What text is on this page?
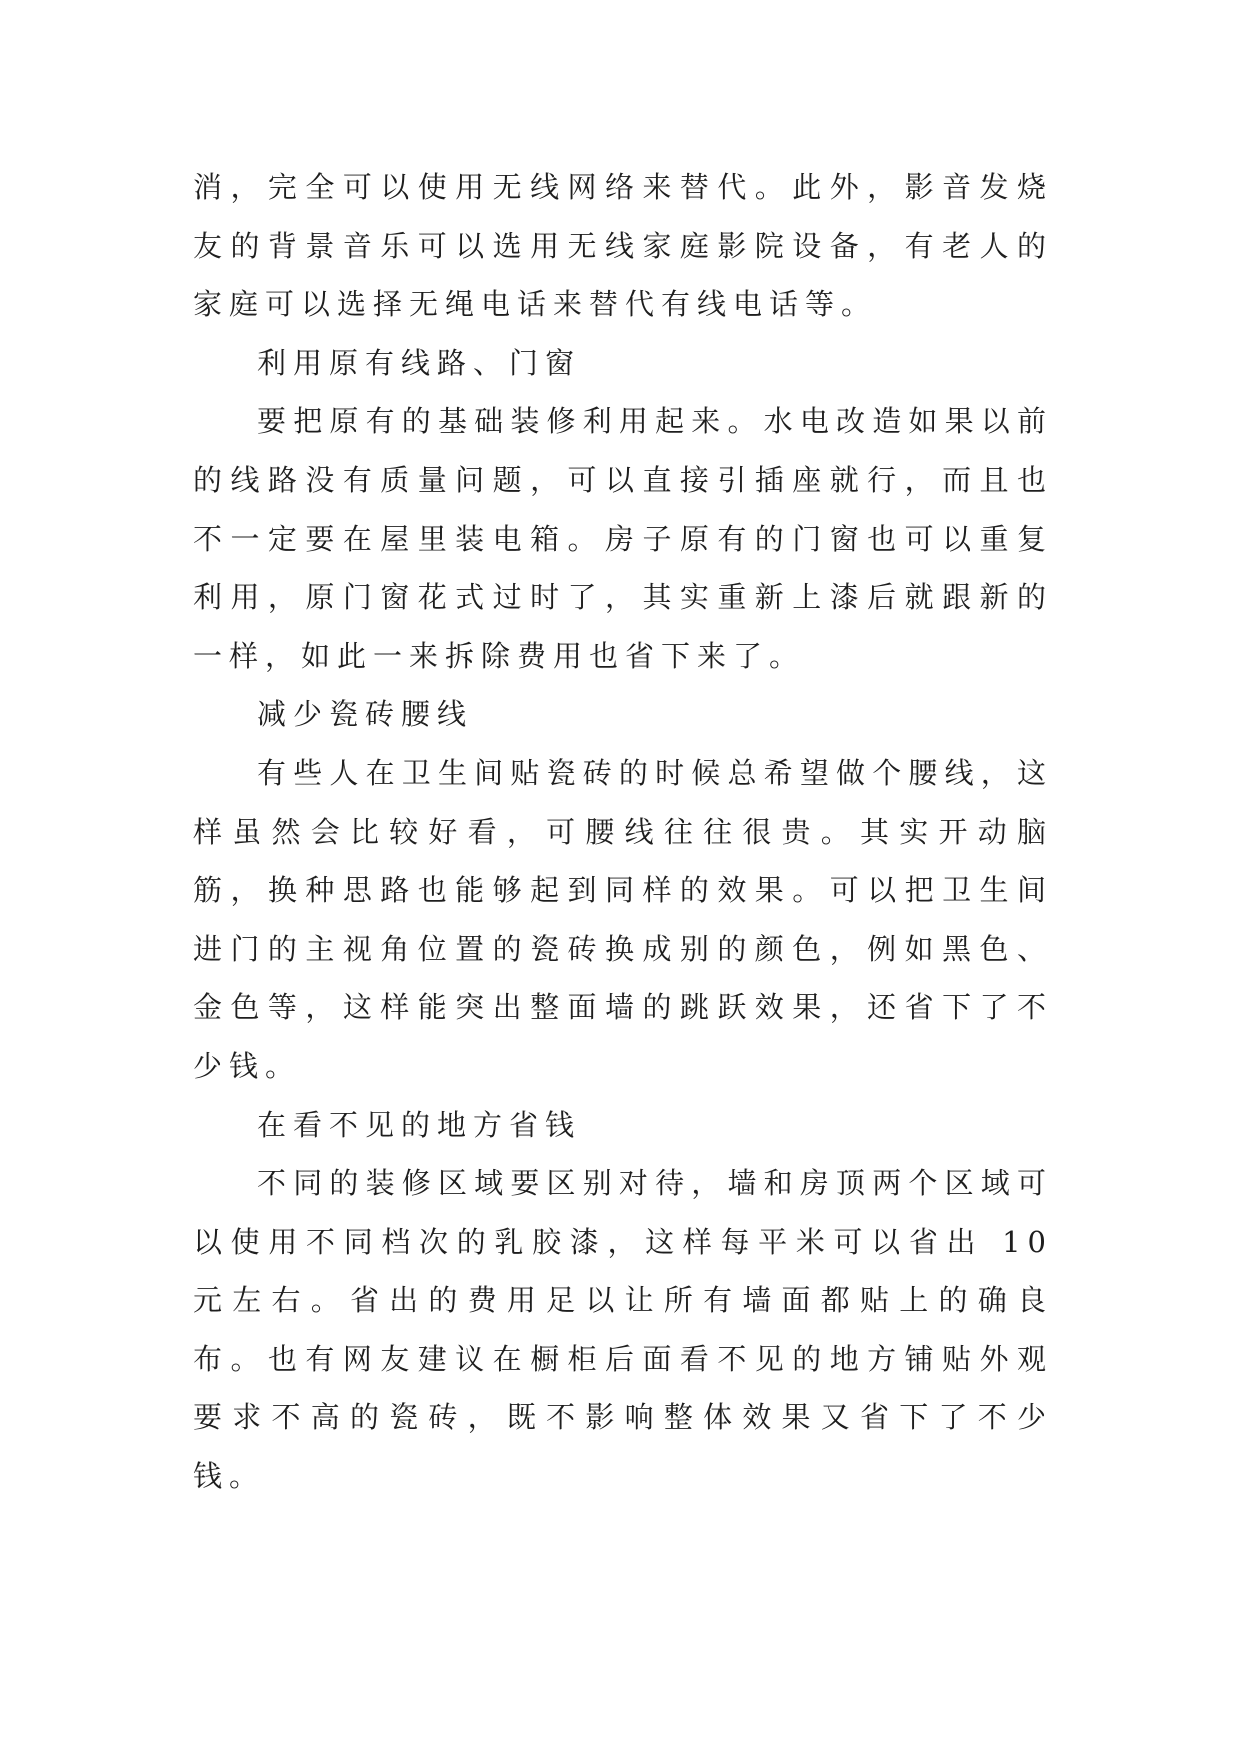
消，完全可以使用无线网络来替代。此外，影音发烧友的背景音乐可以选用无线家庭影院设备，有老人的家庭可以选择无绳电话来替代有线电话等。

利用原有线路、门窗

要把原有的基础装修利用起来。水电改造如果以前的线路没有质量问题，可以直接引插座就行，而且也不一定要在屋里装电箱。房子原有的门窗也可以重复利用，原门窗花式过时了，其实重新上漆后就跟新的一样，如此一来拆除费用也省下来了。

减少瓷砖腰线

有些人在卫生间贴瓷砖的时候总希望做个腰线，这样虽然会比较好看，可腰线往往很贵。其实开动脑筋，换种思路也能够起到同样的效果。可以把卫生间进门的主视角位置的瓷砖换成别的颜色，例如黑色、金色等，这样能突出整面墙的跳跃效果，还省下了不少钱。

在看不见的地方省钱

不同的装修区域要区别对待，墙和房顶两个区域可以使用不同档次的乳胶漆，这样每平米可以省出 10 元左右。省出的费用足以让所有墙面都贴上的确良布。也有网友建议在橱柜后面看不见的地方铺贴外观要求不高的瓷砖，既不影响整体效果又省下了不少钱。
